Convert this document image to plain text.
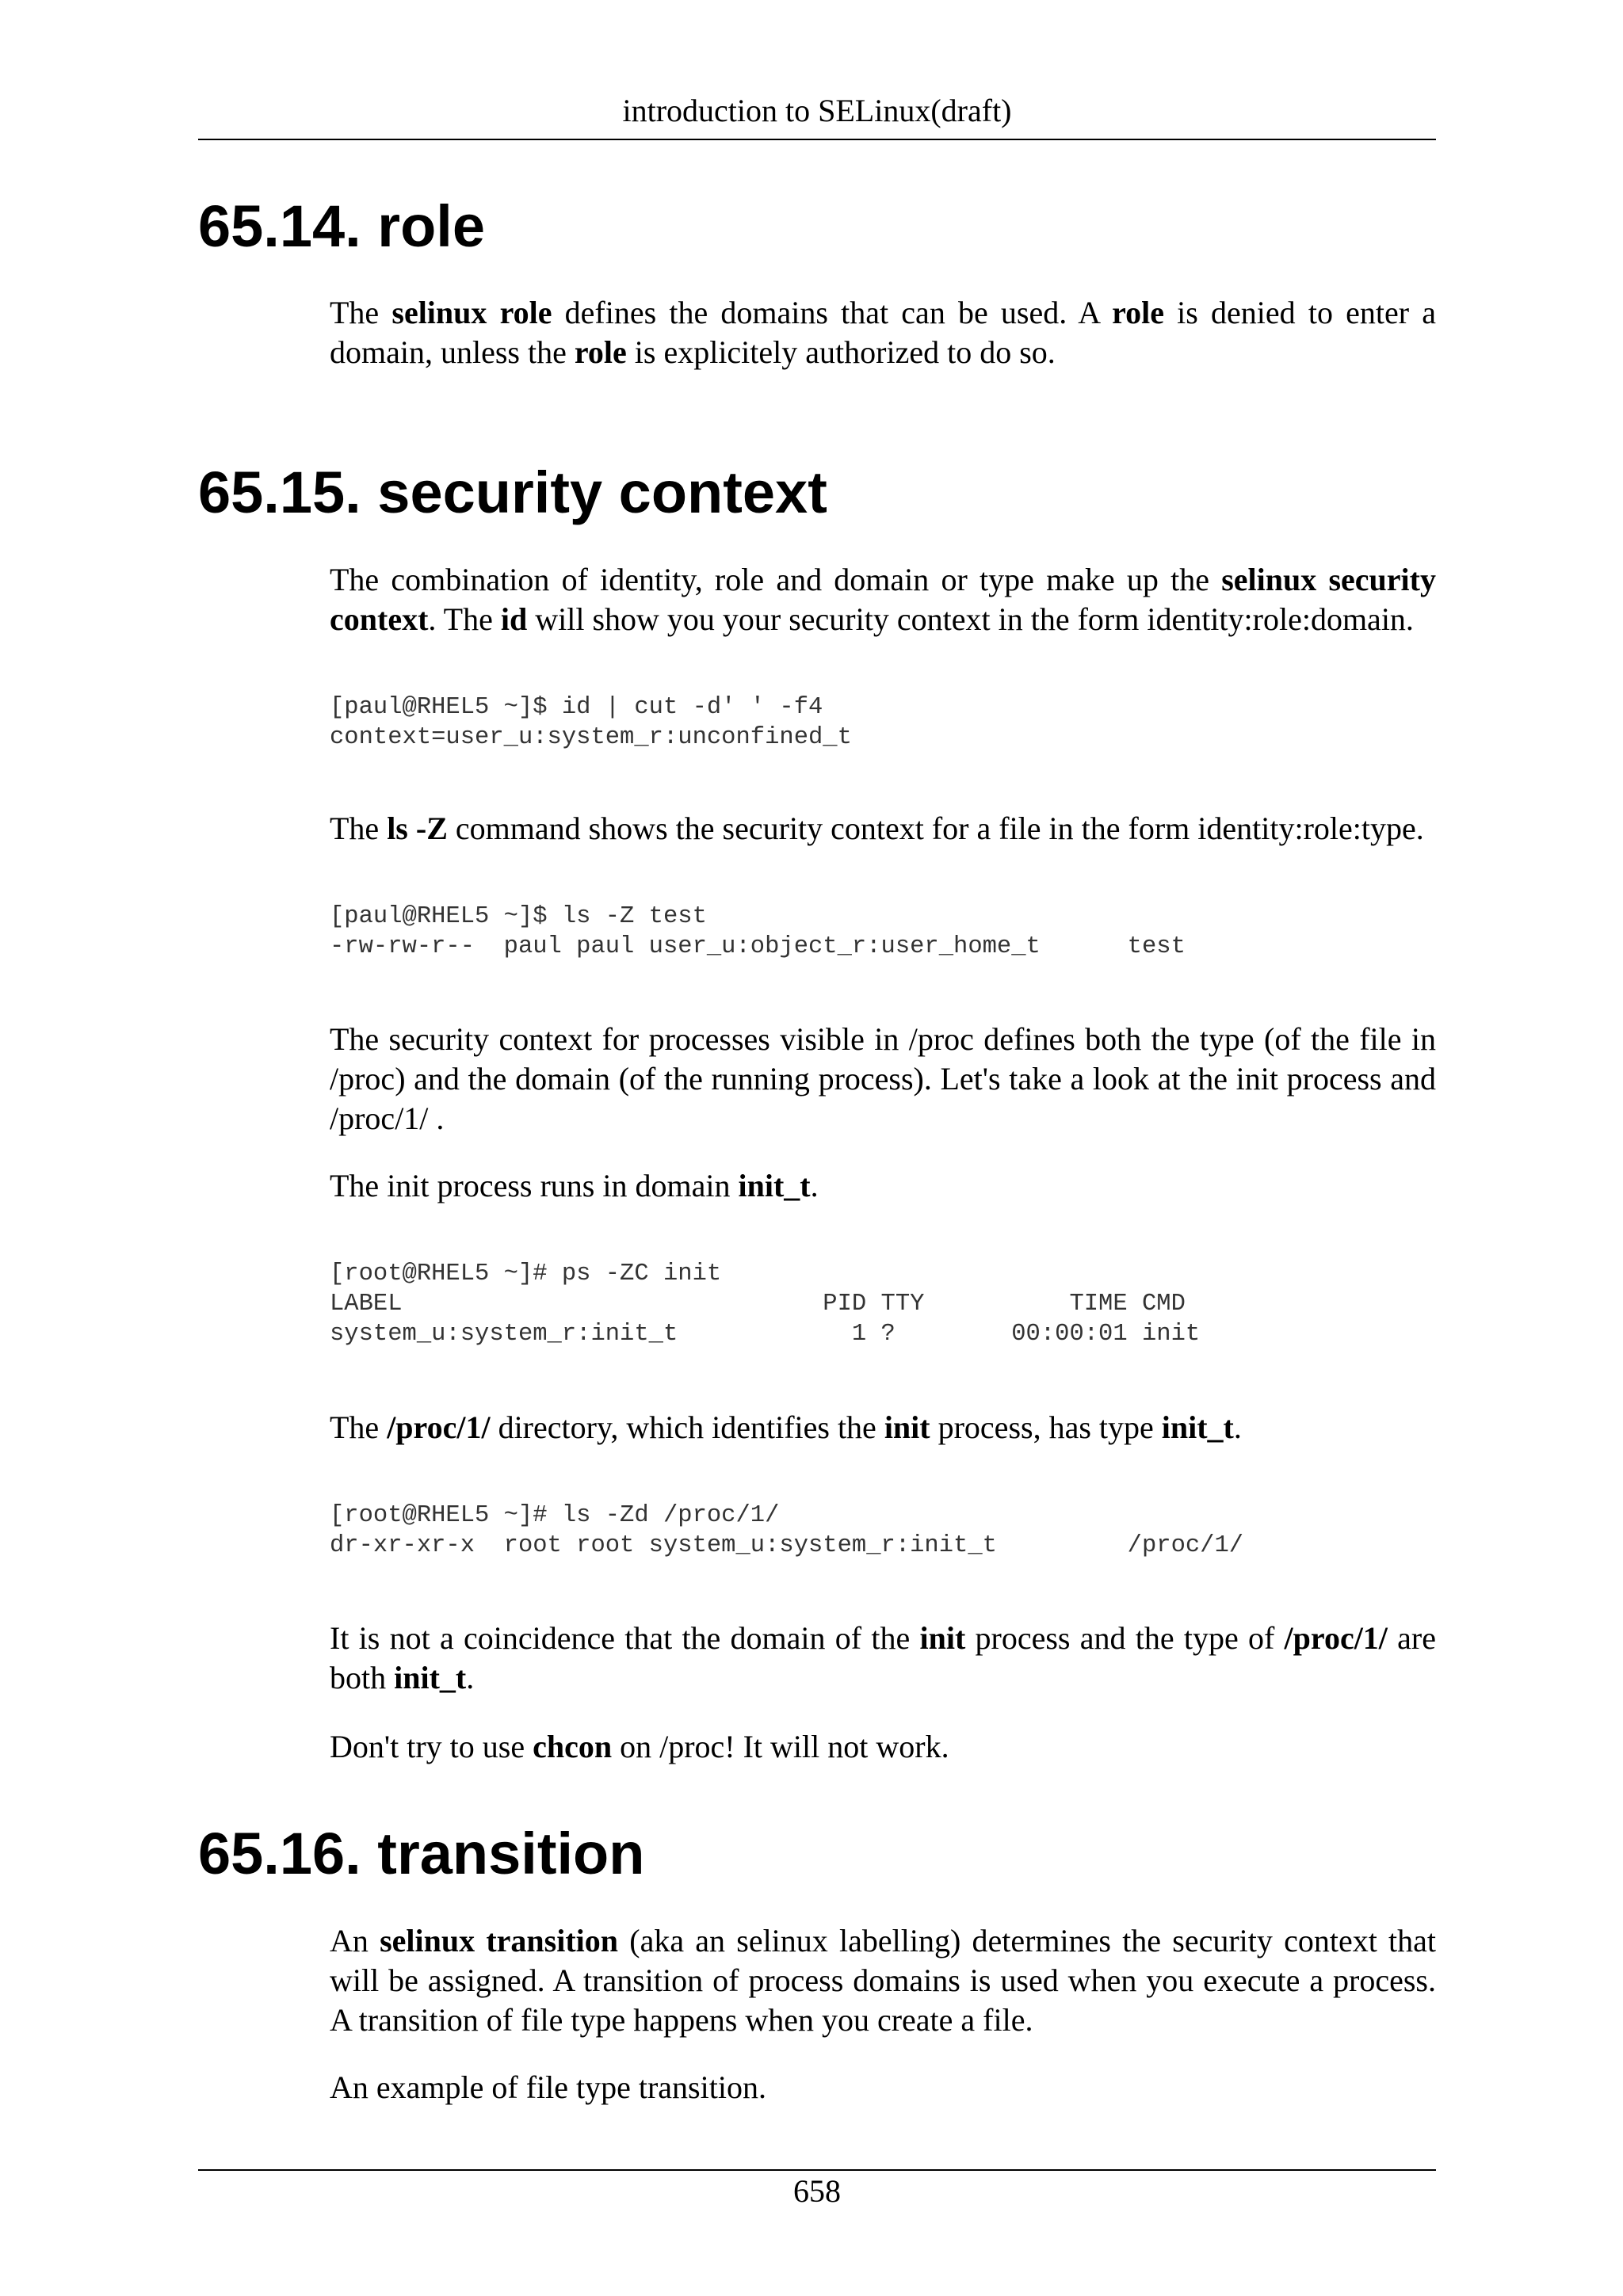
introduction to SELinux(draft)
65.14. role

The selinux role defines the domains that can be used. A role is denied to enter a domain, unless the role is explicitely authorized to do so.

65.15. security context

The combination of identity, role and domain or type make up the selinux security context. The id will show you your security context in the form identity:role:domain.

[paul@RHEL5 ~]$ id | cut -d' ' -f4
context=user_u:system_r:unconfined_t

The ls -Z command shows the security context for a file in the form identity:role:type.

[paul@RHEL5 ~]$ ls -Z test
-rw-rw-r--  paul paul user_u:object_r:user_home_t      test

The security context for processes visible in /proc defines both the type (of the file in /proc) and the domain (of the running process). Let's take a look at the init process and /proc/1/ .

The init process runs in domain init_t.

[root@RHEL5 ~]# ps -ZC init
LABEL                             PID TTY          TIME CMD
system_u:system_r:init_t            1 ?        00:00:01 init

The /proc/1/ directory, which identifies the init process, has type init_t.

[root@RHEL5 ~]# ls -Zd /proc/1/
dr-xr-xr-x  root root system_u:system_r:init_t         /proc/1/

It is not a coincidence that the domain of the init process and the type of /proc/1/ are both init_t.

Don't try to use chcon on /proc! It will not work.

65.16. transition

An selinux transition (aka an selinux labelling) determines the security context that will be assigned. A transition of process domains is used when you execute a process. A transition of file type happens when you create a file.

An example of file type transition.

658
